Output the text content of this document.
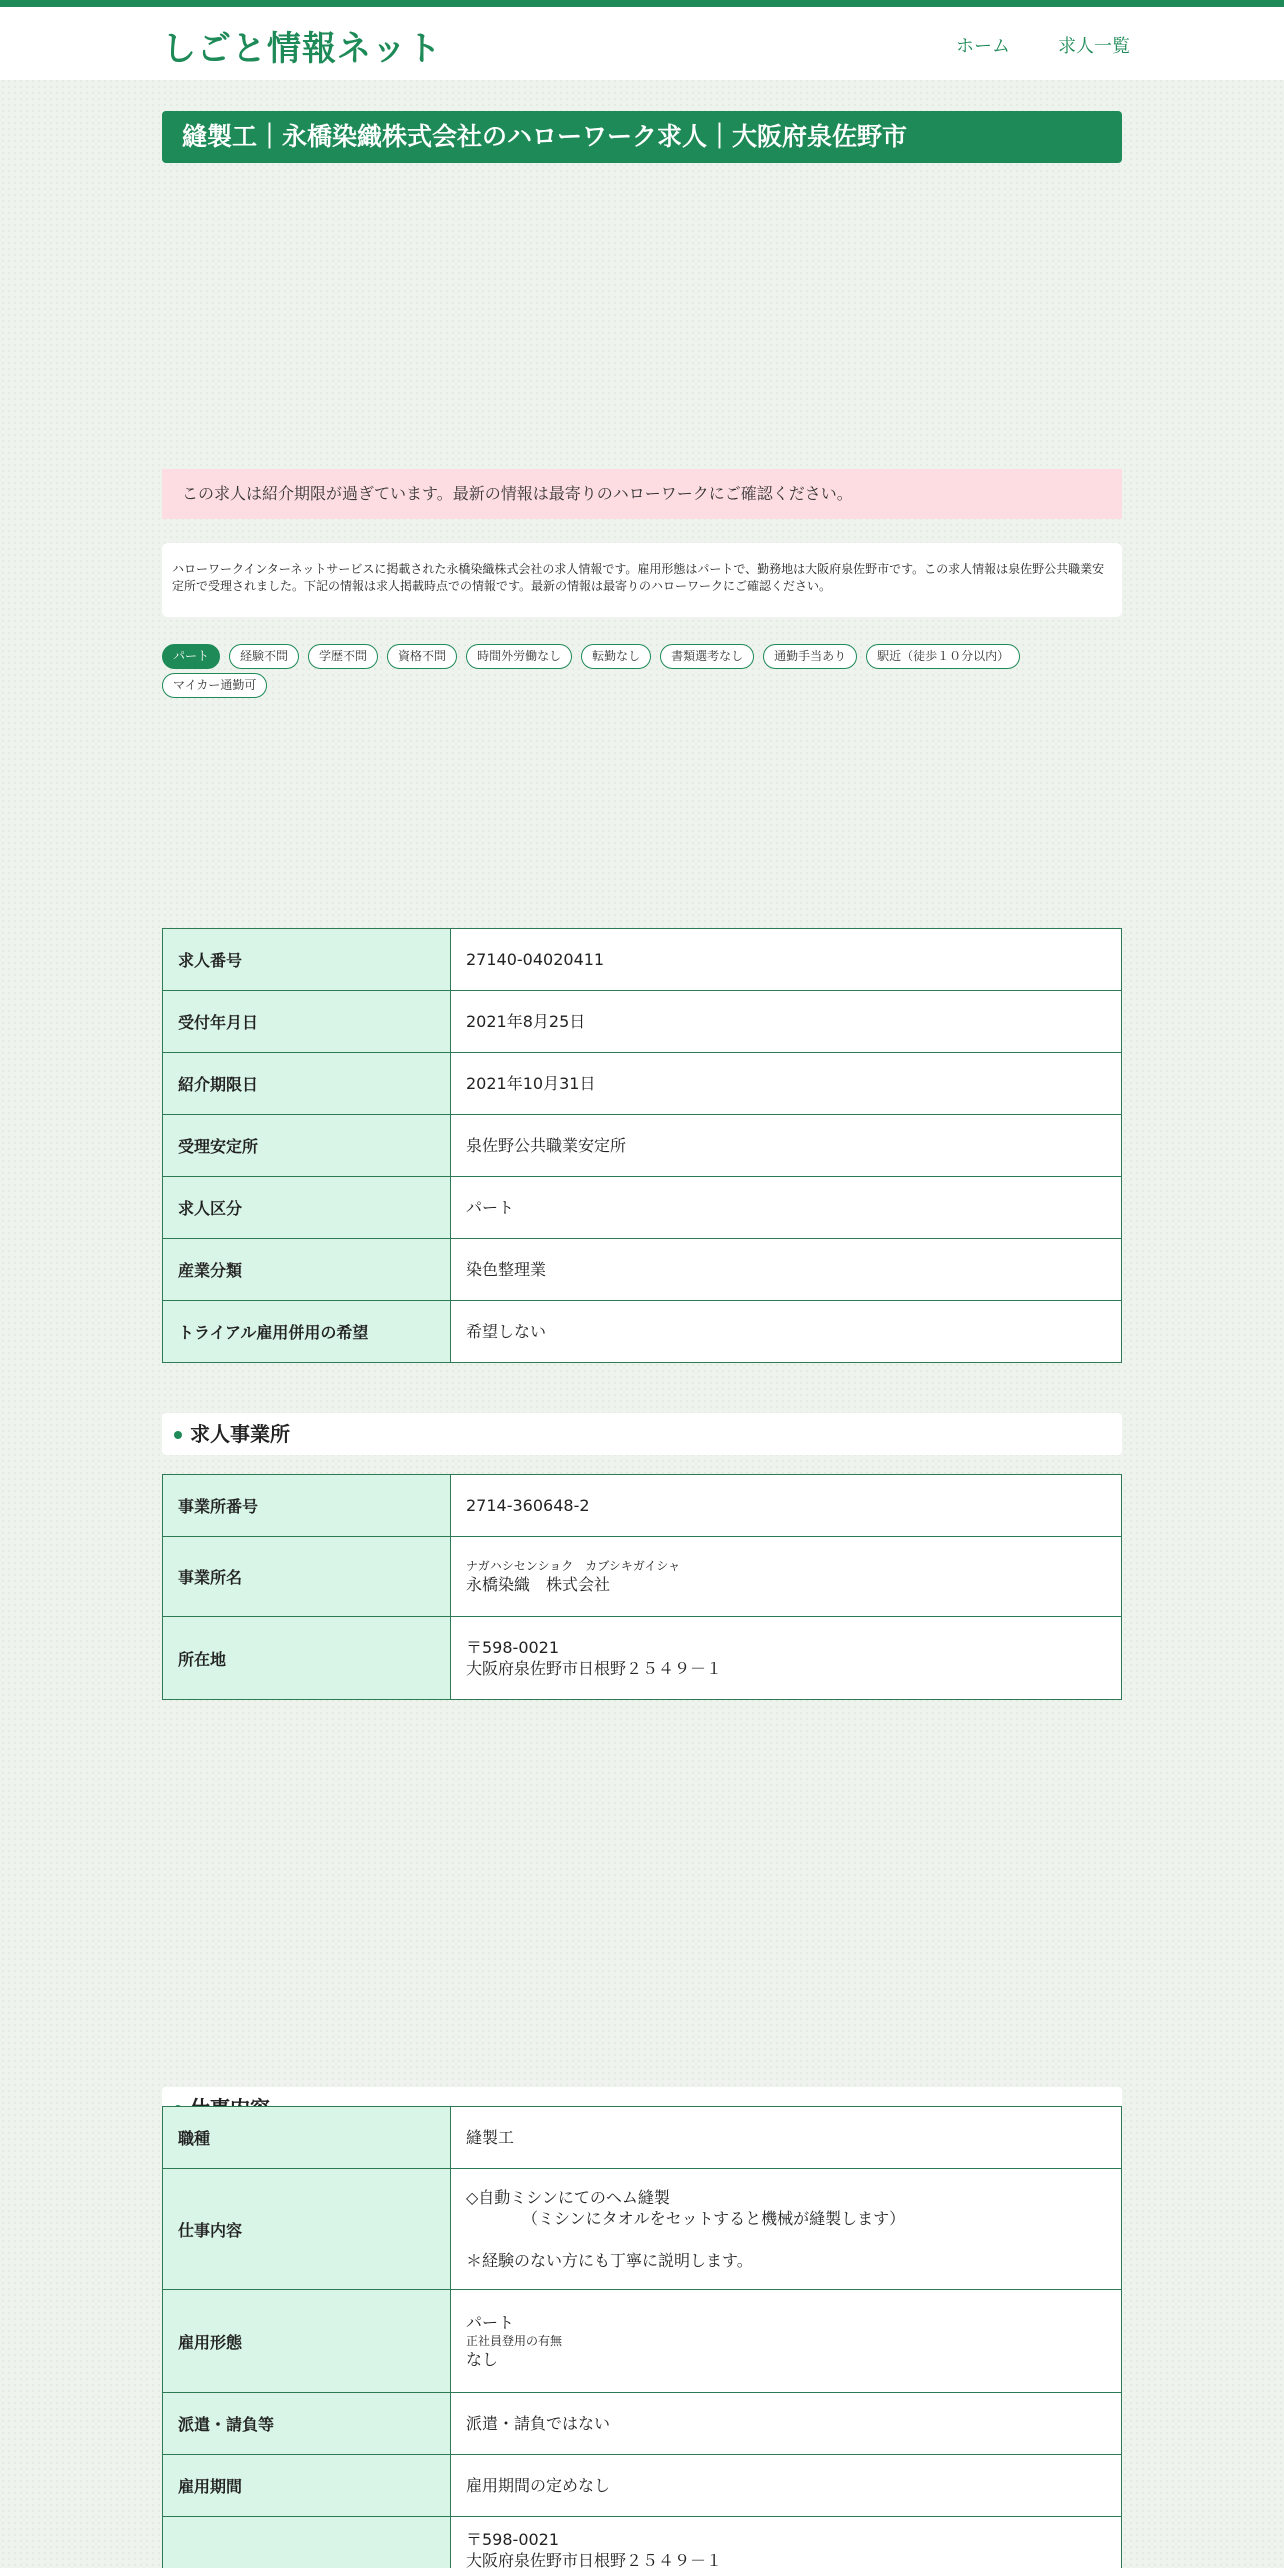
しごと情報ネット	ホーム	求人一覧
縫製工｜永橋染織株式会社のハローワーク求人｜大阪府泉佐野市
この求人は紹介期限が過ぎています。最新の情報は最寄りのハローワークにご確認ください。
ハローワークインターネットサービスに掲載された永橋染織株式会社の求人情報です。雇用形態はパートで、勤務地は大阪府泉佐野市です。この求人情報は泉佐野公共職業安定所で受理されました。下記の情報は求人掲載時点での情報です。最新の情報は最寄りのハローワークにご確認ください。
パート	経験不問	学歴不問	資格不問	時間外労働なし	転勤なし	書類選考なし	通勤手当あり	駅近（徒歩１０分以内）
マイカー通勤可
求人番号	27140-04020411
受付年月日	2021年8月25日
紹介期限日	2021年10月31日
受理安定所	泉佐野公共職業安定所
求人区分	パート
産業分類	染色整理業
トライアル雇用併用の希望	希望しない
求人事業所
事業所番号	2714-360648-2
事業所名	ナガハシセンショク　カブシキガイシャ
永橋染織　株式会社

所在地	〒598-0021
大阪府泉佐野市日根野２５４９－１
職種	縫製工
仕事内容	◇自動ミシンにてのヘム縫製
　　　　（ミシンにタオルをセットすると機械が縫製します）
＊経験のない方にも丁寧に説明します。

雇用形態	パート
正社員登用の有無
なし

派遣・請負等	派遣・請負ではない
雇用期間	雇用期間の定めなし

	〒598-0021
大阪府泉佐野市日根野２５４９－１
